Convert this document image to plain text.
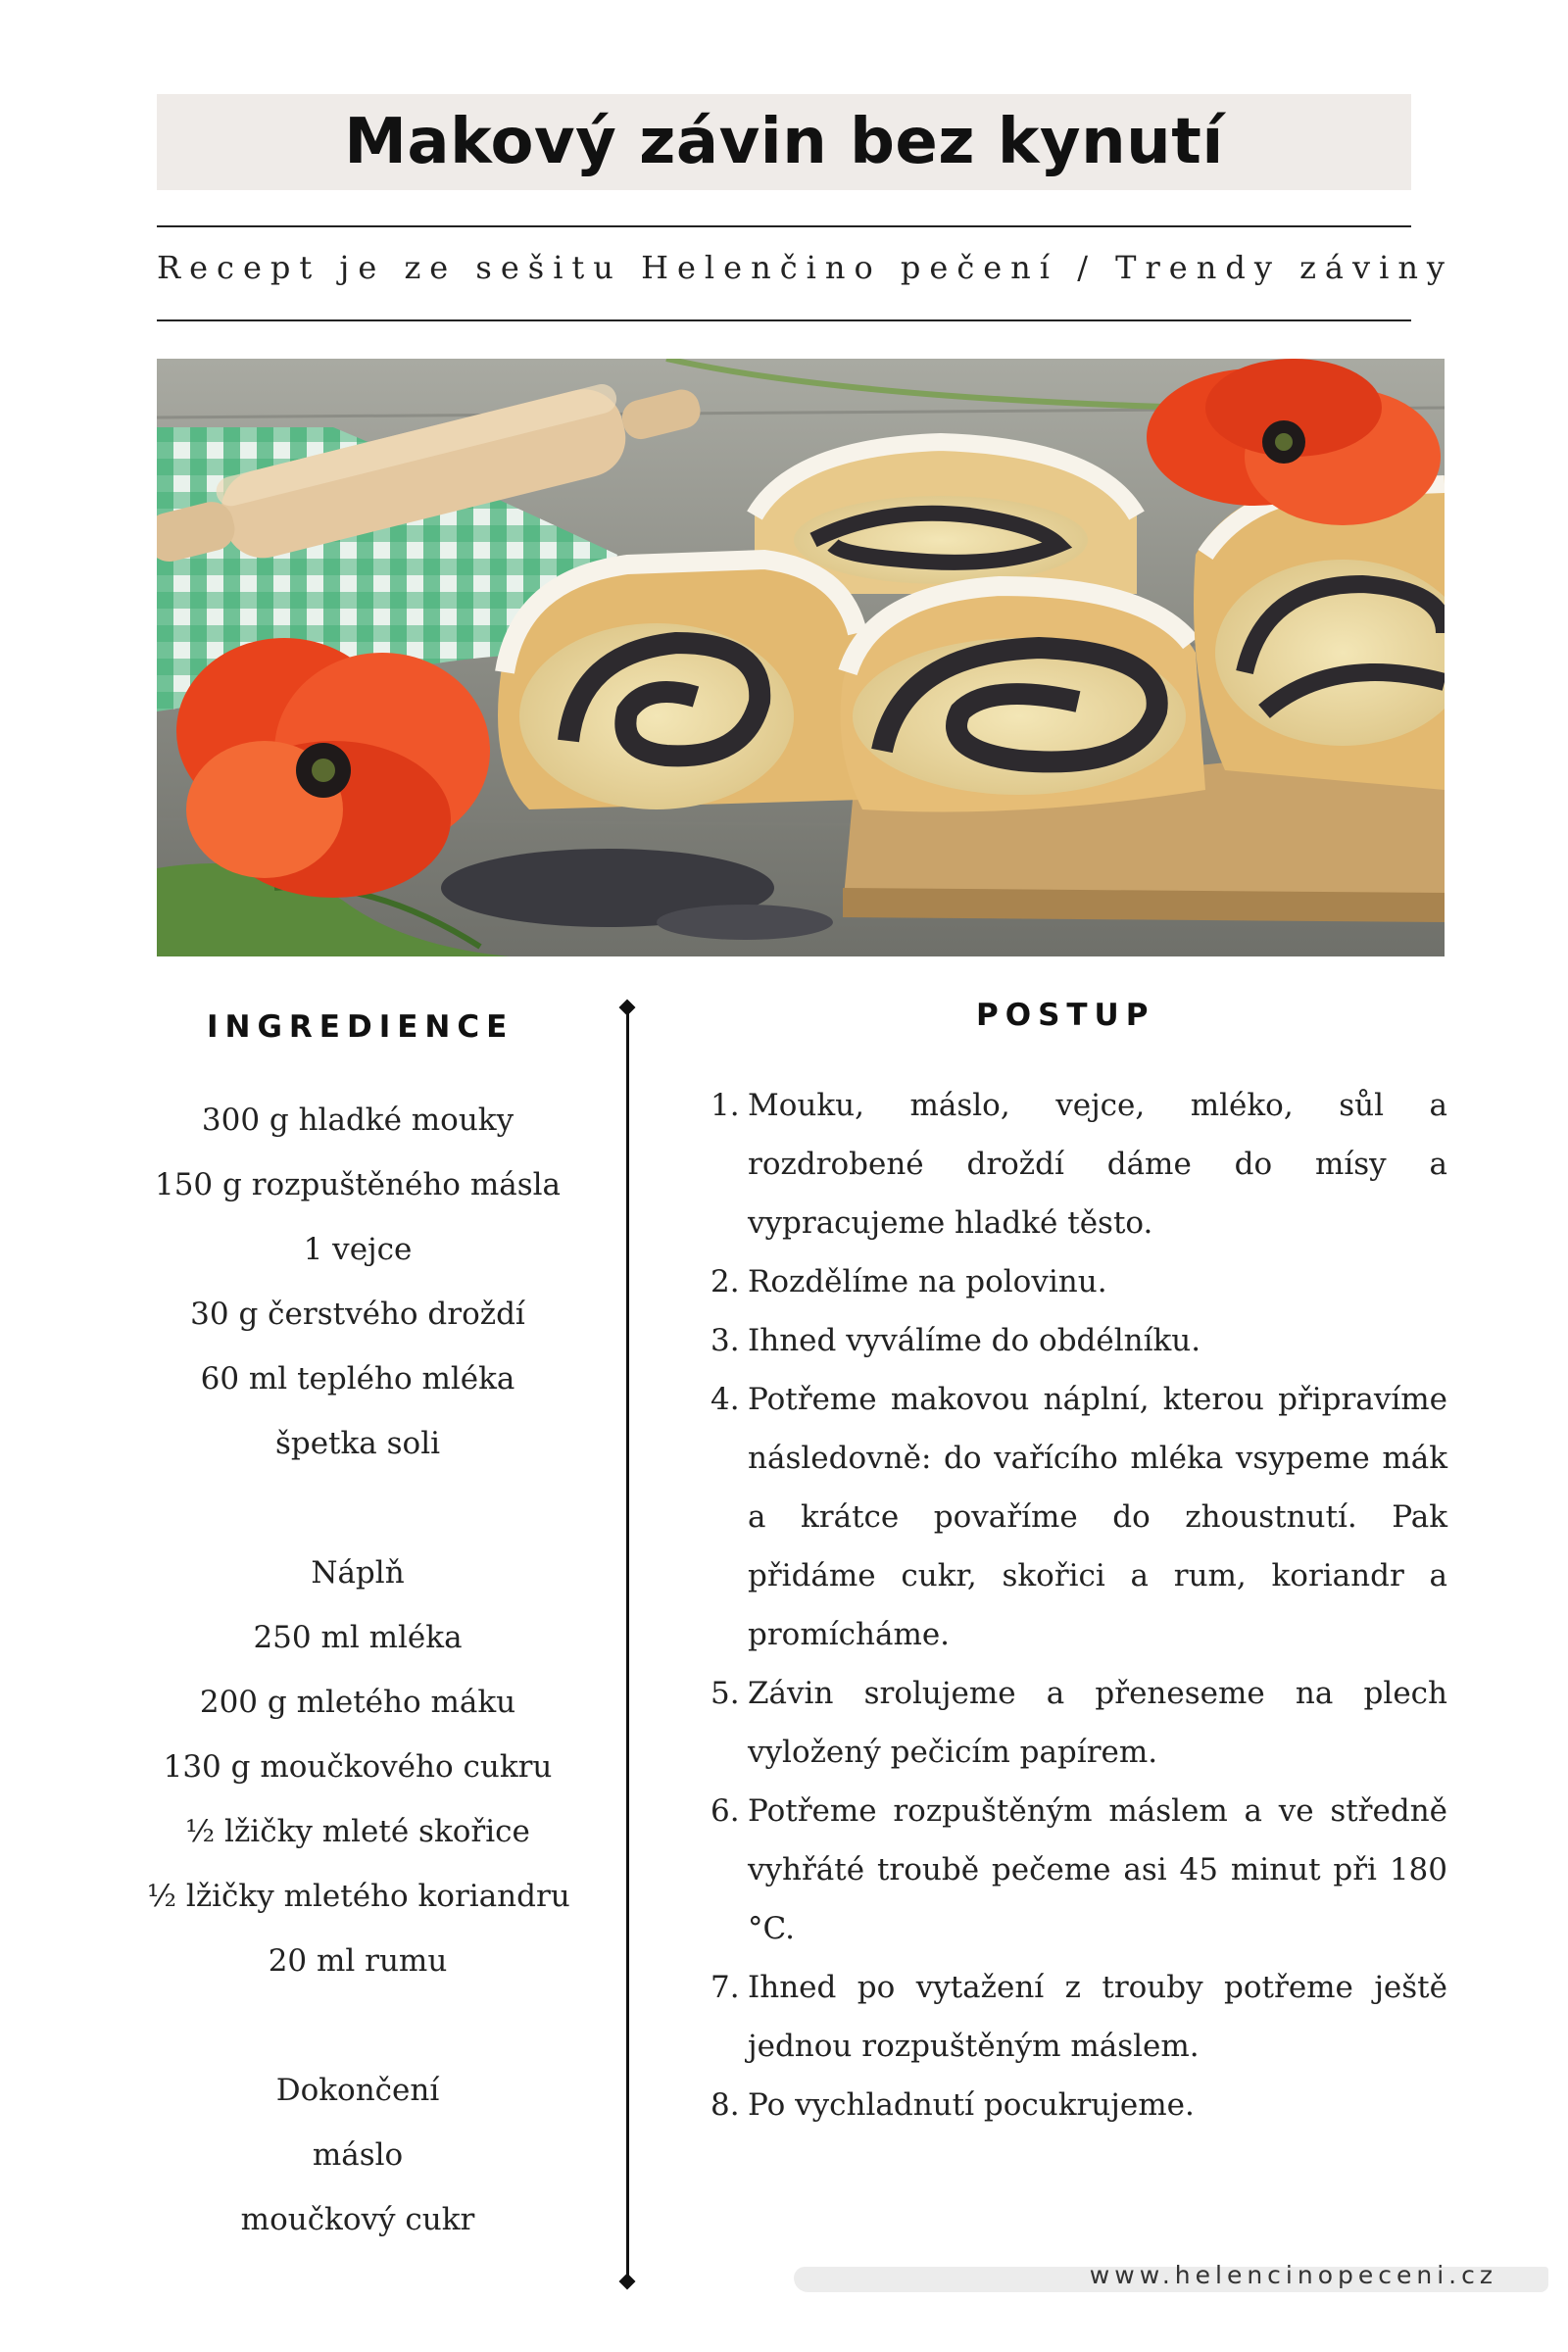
Makový závin bez kynutí
Recept je ze sešitu Helenčino pečení / Trendy záviny
INGREDIENCE
300 g hladké mouky
150 g rozpuštěného másla
1 vejce
30 g čerstvého droždí
60 ml teplého mléka
špetka soli
Náplň
250 ml mléka
200 g mletého máku
130 g moučkového cukru
½ lžičky mleté skořice
½ lžičky mletého koriandru
20 ml rumu
Dokončení
máslo
moučkový cukr
POSTUP
1. Mouku, máslo, vejce, mléko, sůl a rozdrobené droždí dáme do mísy a vypracujeme hladké těsto.
2. Rozdělíme na polovinu.
3. Ihned vyválíme do obdélníku.
4. Potřeme makovou náplní, kterou připravíme následovně: do vařícího mléka vsypeme mák a krátce povaříme do zhoustnutí. Pak přidáme cukr, skořici a rum, koriandr a promícháme.
5. Závin srolujeme a přeneseme na plech vyložený pečicím papírem.
6. Potřeme rozpuštěným máslem a ve středně vyhřáté troubě pečeme asi 45 minut při 180 °C.
7. Ihned po vytažení z trouby potřeme ještě jednou rozpuštěným máslem.
8. Po vychladnutí pocukrujeme.
www.helencinopeceni.cz
